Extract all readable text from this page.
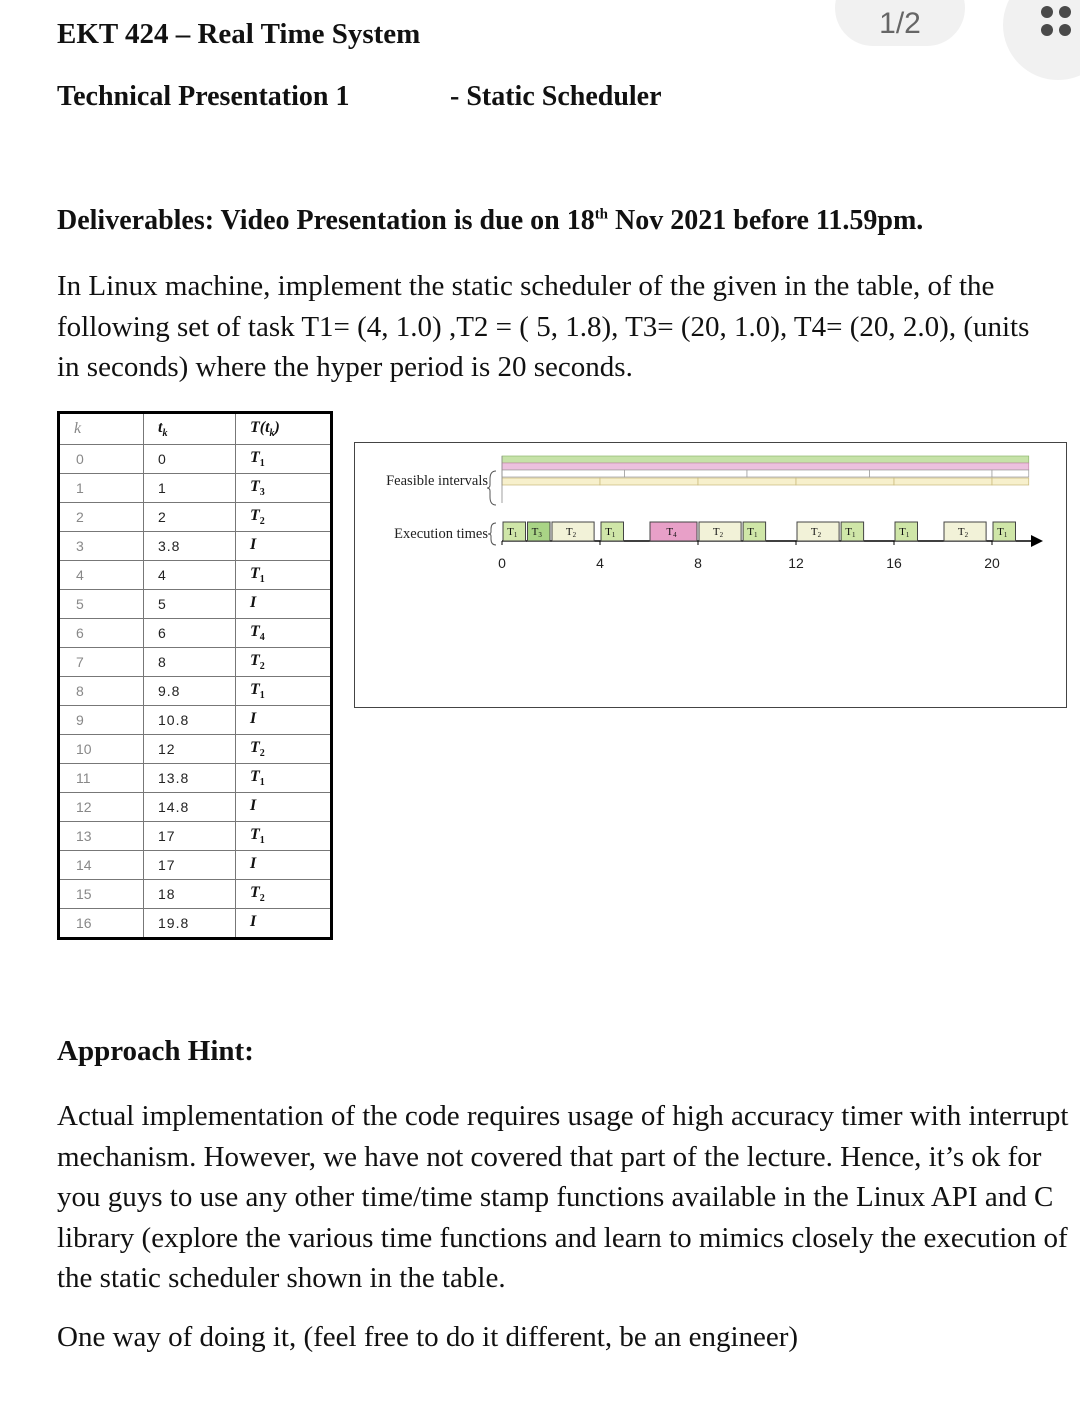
EKT 424 – Real Time System
Technical Presentation 1	- Static Scheduler
1/2
Deliverables: Video Presentation is due on 18th Nov 2021 before 11.59pm.
In Linux machine, implement the static scheduler of the given in the table, of the following set of task T1= (4, 1.0) ,T2 = ( 5, 1.8), T3= (20, 1.0), T4= (20, 2.0), (units in seconds) where the hyper period is 20 seconds.
k	$t_k$	$T(t_k)$
0	0	$T_1$
1	1	$T_3$
2	2	$T_2$
3	3.8	I
4	4	$T_1$
5	5	I
6	6	$T_4$
7	8	$T_2$
8	9.8	$T_1$
9	10.8	I
10	12	$T_2$
11	13.8	$T_1$
12	14.8	I
13	17	$T_1$
14	17	I
15	18	$T_2$
16	19.8	I
Feasible intervals
Execution times T1 T3 T2	T1	T4	T2 T1	T2 T1	T1	T2	T1
0	4	8	12	16	20
Approach Hint:
Actual implementation of the code requires usage of high accuracy timer with interrupt mechanism. However, we have not covered that part of the lecture. Hence, it’s ok for you guys to use any other time/time stamp functions available in the Linux API and C library (explore the various time functions and learn to mimics closely the execution of the static scheduler shown in the table.
One way of doing it, (feel free to do it different, be an engineer)
